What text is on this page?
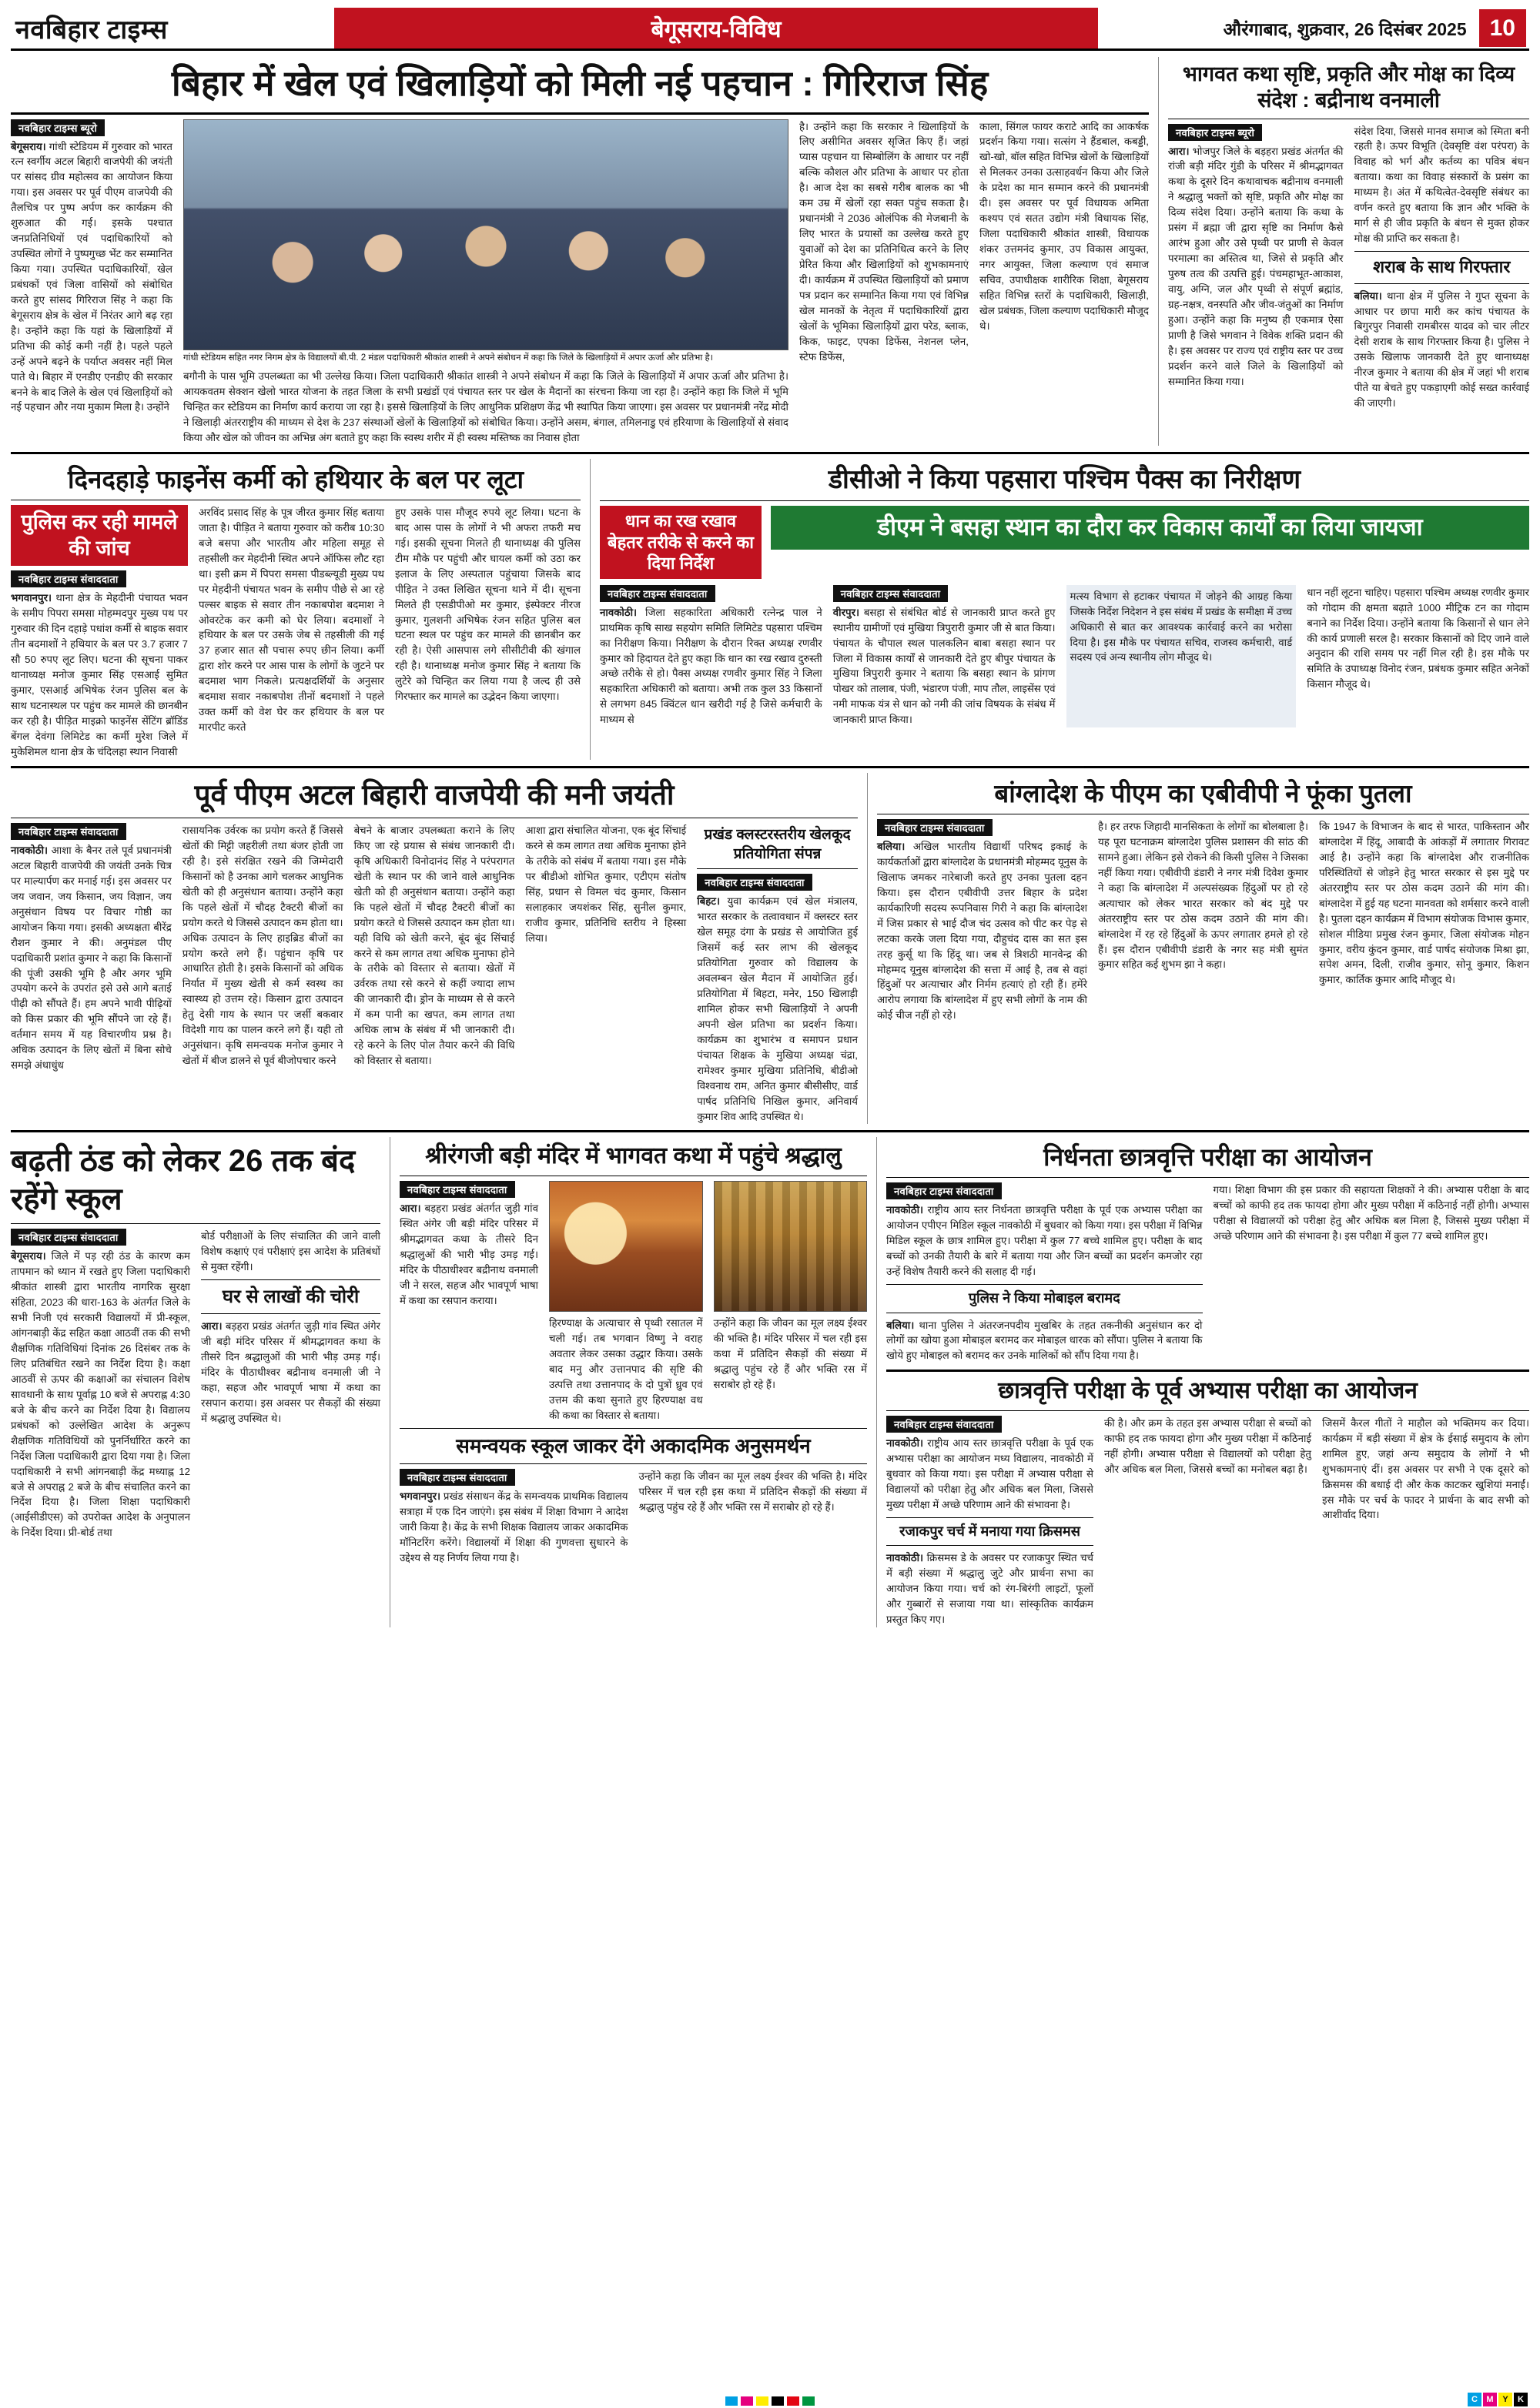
नवबिहार टाइम्स	बेगूसराय-विविध	औरंगाबाद, शुक्रवार, 26 दिसंबर 2025	10
बिहार में खेल एवं खिलाड़ियों को मिली नई पहचान : गिरिराज सिंह
नवबिहार टाइम्स ब्यूरो
बेगूसराय। गांधी स्टेडियम में गुरुवार को भारत रत्न स्वर्गीय अटल बिहारी वाजपेयी की जयंती पर सांसद ग्रीव महोत्सव का आयोजन किया गया। इस अवसर पर पूर्व पीएम वाजपेयी की तैलचित्र पर पुष्प अर्पण कर कार्यक्रम की शुरुआत की गई। इसके पश्चात जनप्रतिनिधियों एवं पदाधिकारियों को उपस्थित लोगों ने पुष्पगुच्छ भेंट कर सम्मानित किया गया। उपस्थित पदाधिकारियों, खेल प्रबंधकों एवं जिला वासियों को संबोधित करते हुए सांसद गिरिराज सिंह ने कहा कि बेगूसराय क्षेत्र के खेल में निरंतर आगे बढ़ रहा है। उन्होंने कहा कि यहां के खिलाड़ियों में प्रतिभा की कोई कमी नहीं है। पहले पहले उन्हें अपने बढ़ने के पर्याप्त अवसर नहीं मिल पाते थे। बिहार में एनडीए एनडीए की सरकार बनने के बाद जिले के खेल एवं खिलाड़ियों को नई पहचान और नया मुकाम मिला है। उन्होंने
गांधी स्टेडियम सहित नगर निगम क्षेत्र के विद्यालयों बी.पी. 2 मंडल पदाधिकारी श्रीकांत शास्त्री ने अपने संबोधन में कहा कि जिले के खिलाड़ियों में अपार ऊर्जा और प्रतिभा है।
बगौनी के पास भूमि उपलब्धता का भी उल्लेख किया। जिला पदाधिकारी श्रीकांत शास्त्री ने अपने संबोधन में कहा कि जिले के खिलाड़ियों में अपार ऊर्जा और प्रतिभा है। आयकवतम सेक्शन खेलो भारत योजना के तहत जिला के सभी प्रखंडों एवं पंचायत स्तर पर खेल के मैदानों का संरचना किया जा रहा है। उन्होंने कहा कि जिले में भूमि चिन्हित कर स्टेडियम का निर्माण कार्य कराया जा रहा है। इससे खिलाड़ियों के लिए आधुनिक प्रशिक्षण केंद्र भी स्थापित किया जाएगा। इस अवसर पर प्रधानमंत्री नरेंद्र मोदी ने खिलाड़ी अंतरराष्ट्रीय की माध्यम से देश के 237 संस्थाओं खेलों के खिलाड़ियों को संबोधित किया। उन्होंने असम, बंगाल, तमिलनाडु एवं हरियाणा के खिलाड़ियों से संवाद किया और खेल को जीवन का अभिन्न अंग बताते हुए कहा कि स्वस्थ शरीर में ही स्वस्थ मस्तिष्क का निवास होता
है। उन्होंने कहा कि सरकार ने खिलाड़ियों के लिए असीमित अवसर सृजित किए हैं। जहां प्यास पहचान या सिम्बोलिंग के आधार पर नहीं बल्कि कौशल और प्रतिभा के आधार पर होता है। आज देश का सबसे गरीब बालक का भी कम उम्र में खेलों रहा सक्त पहुंच सकता है। प्रधानमंत्री ने 2036 ओलंपिक की मेजबानी के लिए भारत के प्रयासों का उल्लेख करते हुए युवाओं को देश का प्रतिनिधित्व करने के लिए प्रेरित किया और खिलाड़ियों को शुभकामनाएं दी। कार्यक्रम में उपस्थित खिलाड़ियों को प्रमाण पत्र प्रदान कर सम्मानित किया गया एवं विभिन्न खेल मानकों के नेतृत्व में पदाधिकारियों द्वारा खेलों के भूमिका खिलाड़ियों द्वारा परेड, ब्लाक, किक, फाइट, एपका डिफेंस, नेशनल प्लेन, स्टेफ डिफेंस,
काला, सिंगल फायर कराटे आदि का आकर्षक प्रदर्शन किया गया। सत्संग ने हैंडबाल, कबड्डी, खो-खो, बॉल सहित विभिन्न खेलों के खिलाड़ियों से मिलकर उनका उत्साहवर्धन किया और जिले के प्रदेश का मान सम्मान करने की प्रधानमंत्री दी। इस अवसर पर पूर्व विधायक अमिता कश्यप एवं सतत उद्योग मंत्री विधायक सिंह, जिला पदाधिकारी श्रीकांत शास्त्री, विधायक शंकर उत्तमनंद कुमार, उप विकास आयुक्त, नगर आयुक्त, जिला कल्याण एवं समाज सचिव, उपाधीक्षक शारीरिक शिक्षा, बेगूसराय सहित विभिन्न स्तरों के पदाधिकारी, खिलाड़ी, खेल प्रबंधक, जिला कल्याण पदाधिकारी मौजूद थे।
भागवत कथा सृष्टि, प्रकृति और मोक्ष का दिव्य संदेश : बद्रीनाथ वनमाली
नवबिहार टाइम्स ब्यूरो
आरा। भोजपुर जिले के बड़हरा प्रखंड अंतर्गत की रांजी बड़ी मंदिर गुंडी के परिसर में श्रीमद्भागवत कथा के दूसरे दिन कथावाचक बद्रीनाथ वनमाली ने श्रद्धालु भक्तों को सृष्टि, प्रकृति और मोक्ष का दिव्य संदेश दिया। उन्होंने बताया कि कथा के प्रसंग में ब्रह्मा जी द्वारा सृष्टि का निर्माण कैसे आरंभ हुआ और उसे पृथ्वी पर प्राणी से केवल परमात्मा का अस्तित्व था, जिसे से प्रकृति और पुरुष तत्व की उत्पत्ति हुई। पंचमहाभूत-आकाश, वायु, अग्नि, जल और पृथ्वी से संपूर्ण ब्रह्मांड, ग्रह-नक्षत्र, वनस्पति और जीव-जंतुओं का निर्माण हुआ। उन्होंने कहा कि मनुष्य ही एकमात्र ऐसा प्राणी है जिसे भगवान ने विवेक शक्ति प्रदान की है। इस अवसर पर राज्य एवं राष्ट्रीय स्तर पर उच्च प्रदर्शन करने वाले जिले के खिलाड़ियों को सम्मानित किया गया।
संदेश दिया, जिससे मानव समाज को स्मिता बनी रहती है। ऊपर विभूति (देवसृष्टि वंश परंपरा) के विवाह को भर्ग और कर्तव्य का पवित्र बंधन बताया। कथा का विवाह संस्कारों के प्रसंग का माध्यम है। अंत में कथित्वेत-देवसृष्टि संबंधर का वर्णन करते हुए बताया कि ज्ञान और भक्ति के मार्ग से ही जीव प्रकृति के बंधन से मुक्त होकर मोक्ष की प्राप्ति कर सकता है।
शराब के साथ गिरफ्तार
बलिया। थाना क्षेत्र में पुलिस ने गुप्त सूचना के आधार पर छापा मारी कर कांच पंचायत के बिगुरपुर निवासी रामबीरस यादव को चार लीटर देसी शराब के साथ गिरफ्तार किया है। पुलिस ने उसके खिलाफ जानकारी देते हुए थानाध्यक्ष नीरज कुमार ने बताया की क्षेत्र में जहां भी शराब पीते या बेचते हुए पकड़ाएगी कोई सख्त कार्रवाई की जाएगी।
दिनदहाड़े फाइनेंस कर्मी को हथियार के बल पर लूटा
पुलिस कर रही मामले की जांच
नवबिहार टाइम्स संवाददाता
भगवानपुर। थाना क्षेत्र के मेहदीनी पंचायत भवन के समीप पिपरा समसा मोहम्मदपुर मुख्य पथ पर गुरुवार की दिन दहाड़े पधांश कर्मी से बाइक सवार तीन बदमाशों ने हथियार के बल पर 3.7 हजार 7 सौ 50 रुपए लूट लिए। घटना की सूचना पाकर थानाध्यक्ष मनोज कुमार सिंह एसआई सुमित कुमार, एसआई अभिषेक रंजन पुलिस बल के साथ घटनास्थल पर पहुंच कर मामले की छानबीन कर रही है। पीड़ित माइक्रो फाइनेंस सेंटिंग ब्रॉडिंड बेंगल देवंगा लिमिटेड का कर्मी मुरेश जिले में मुकेशिमल थाना क्षेत्र के चंदिलहा स्थान निवासी
अरविंद प्रसाद सिंह के पूत्र जीरत कुमार सिंह बताया जाता है। पीड़ित ने बताया गुरुवार को करीब 10:30 बजे बसपा और भारतीय और महिला समूह से तहसीली कर मेहदीनी स्थित अपने ऑफिस लौट रहा था। इसी क्रम में पिपरा समसा पीडब्ल्यूडी मुख्य पथ पर मेहदीनी पंचायत भवन के समीप पीछे से आ रहे पल्सर बाइक से सवार तीन नकाबपोश बदमाश ने ओवरटेक कर कमी को घेर लिया। बदमाशों ने हथियार के बल पर उसके जेब से तहसीली की गई 37 हजार सात सौ पचास रुपए छीन लिया। कर्मी द्वारा शोर करने पर आस पास के लोगों के जुटने पर बदमाश भाग निकले। प्रत्यक्षदर्शियों के अनुसार बदमाश सवार नकाबपोश तीनों बदमाशों ने पहले उक्त कर्मी को वेश घेर कर हथियार के बल पर मारपीट करते
हुए उसके पास मौजूद रुपये लूट लिया। घटना के बाद आस पास के लोगों ने भी अफरा तफरी मच गई। इसकी सूचना मिलते ही थानाध्यक्ष की पुलिस टीम मौके पर पहुंची और घायल कर्मी को उठा कर इलाज के लिए अस्पताल पहुंचाया जिसके बाद पीड़ित ने उक्त लिखित सूचना थाने में दी। सूचना मिलते ही एसडीपीओ मर कुमार, इंस्पेक्टर नीरज कुमार, गुलशनी अभिषेक रंजन सहित पुलिस बल घटना स्थल पर पहुंच कर मामले की छानबीन कर रही है। ऐसी आसपास लगे सीसीटीवी की खंगाल रही है। थानाध्यक्ष मनोज कुमार सिंह ने बताया कि लुटेरे को चिन्हित कर लिया गया है जल्द ही उसे गिरफ्तार कर मामले का उद्भेदन किया जाएगा।
डीसीओ ने किया पहसारा पश्चिम पैक्स का निरीक्षण
धान का रख रखाव बेहतर तरीके से करने का दिया निर्देश
डीएम ने बसहा स्थान का दौरा कर विकास कार्यों का लिया जायजा
नवबिहार टाइम्स संवाददाता
नावकोठी। जिला सहकारिता अधिकारी रत्नेन्द्र पाल ने प्राथमिक कृषि साख सहयोग समिति लिमिटेड पहसारा पश्चिम का निरीक्षण किया। निरीक्षण के दौरान रिक्त अध्यक्ष रणवीर कुमार को हिदायत देते हुए कहा कि धान का रख रखाव दुरुस्ती अच्छे तरीके से हो। पैक्स अध्यक्ष रणवीर कुमार सिंह ने जिला सहकारिता अधिकारी को बताया। अभी तक कुल 33 किसानों से लगभग 845 क्विंटल धान खरीदी गई है जिसे कर्मचारी के माध्यम से
नवबिहार टाइम्स संवाददाता
वीरपुर। बसहा से संबंधित बोर्ड से जानकारी प्राप्त करते हुए स्थानीय ग्रामीणों एवं मुखिया त्रिपुरारी कुमार जी से बात किया। पंचायत के चौपाल स्थल पालकलिन बाबा बसहा स्थान पर जिला में विकास कार्यों से जानकारी देते हुए बीपुर पंचायत के मुखिया त्रिपुरारी कुमार ने बताया कि बसहा स्थान के प्रांगण पोखर को तालाब, पंजी, भंडारण पंजी, माप तौल, लाइसेंस एवं नमी माफक यंत्र से धान को नमी की जांच विषयक के संबंध में जानकारी प्राप्त किया।
मत्स्य विभाग से हटाकर पंचायत में जोड़ने की आग्रह किया जिसके निर्देश निदेशन ने इस संबंध में प्रखंड के समीक्षा में उच्च अधिकारी से बात कर आवश्यक कार्रवाई करने का भरोसा दिया है। इस मौके पर पंचायत सचिव, राजस्व कर्मचारी, वार्ड सदस्य एवं अन्य स्थानीय लोग मौजूद थे।
धान नहीं लूटना चाहिए। पहसारा पश्चिम अध्यक्ष रणवीर कुमार को गोदाम की क्षमता बढ़ाते 1000 मीट्रिक टन का गोदाम बनाने का निर्देश दिया। उन्होंने बताया कि किसानों से धान लेने की कार्य प्रणाली सरल है। सरकार किसानों को दिए जाने वाले अनुदान की राशि समय पर नहीं मिल रही है। इस मौके पर समिति के उपाध्यक्ष विनोद रंजन, प्रबंधक कुमार सहित अनेकों किसान मौजूद थे।
पूर्व पीएम अटल बिहारी वाजपेयी की मनी जयंती
नवबिहार टाइम्स संवाददाता
नावकोठी। आशा के बैनर तले पूर्व प्रधानमंत्री अटल बिहारी वाजपेयी की जयंती उनके चित्र पर माल्यार्पण कर मनाई गई। इस अवसर पर जय जवान, जय किसान, जय विज्ञान, जय अनुसंधान विषय पर विचार गोष्ठी का आयोजन किया गया। इसकी अध्यक्षता बीरेंद्र रौशन कुमार ने की। अनुमंडल पीए पदाधिकारी प्रशांत कुमार ने कहा कि किसानों की पूंजी उसकी भूमि है और अगर भूमि उपयोग करने के उपरांत इसे उसे आगे बताई पीढ़ी को सौंपते हैं। हम अपने भावी पीढ़ियों को किस प्रकार की भूमि सौंपने जा रहे हैं। वर्तमान समय में यह विचारणीय प्रश्न है। अधिक उत्पादन के लिए खेतों में बिना सोचे समझे अंधाधुंध
रासायनिक उर्वरक का प्रयोग करते हैं जिससे खेतों की मिट्टी जहरीली तथा बंजर होती जा रही है। इसे संरक्षित रखने की जिम्मेदारी किसानों को है उनका आगे चलकर आधुनिक खेती को ही अनुसंधान बताया। उन्होंने कहा कि पहले खेतों में चौदह टैक्टरी बीजों का प्रयोग करते थे जिससे उत्पादन कम होता था। अधिक उत्पादन के लिए हाइब्रिड बीजों का प्रयोग करते लगे हैं। पहुंचान कृषि पर आधारित होती है। इसके किसानों को अधिक निर्यात में मुख्य खेती से कर्म स्वस्थ का स्वास्थ्य हो उत्तम रहे। किसान द्वारा उत्पादन हेतु देसी गाय के स्थान पर जर्सी बकवार विदेशी गाय का पालन करने लगे हैं। यही तो अनुसंधान। कृषि समन्वयक मनोज कुमार ने खेतों में बीज डालने से पूर्व बीजोपचार करने
बेचने के बाजार उपलब्धता कराने के लिए किए जा रहे प्रयास से संबंध जानकारी दी। कृषि अधिकारी विनोदानंद सिंह ने परंपरागत खेती के स्थान पर की जाने वाले आधुनिक खेती को ही अनुसंधान बताया। उन्होंने कहा कि पहले खेतों में चौदह टैक्टरी बीजों का प्रयोग करते थे जिससे उत्पादन कम होता था। यही विधि को खेती करने, बूंद बूंद सिंचाई करने से कम लागत तथा अधिक मुनाफा होने के तरीके को विस्तार से बताया। खेतों में उर्वरक तथा रसे करने से कहीं ज्यादा लाभ की जानकारी दी। ड्रोन के माध्यम से से करने में कम पानी का खपत, कम लागत तथा अधिक लाभ के संबंध में भी जानकारी दी। रहे करने के लिए पोल तैयार करने की विधि को विस्तार से बताया।
आशा द्वारा संचालित योजना, एक बूंद सिंचाई करने से कम लागत तथा अधिक मुनाफा होने के तरीके को संबंध में बताया गया। इस मौके पर बीडीओ शोभित कुमार, एटीएम संतोष सिंह, प्रधान से विमल चंद कुमार, किसान सलाहकार जयशंकर सिंह, सुनील कुमार, राजीव कुमार, प्रतिनिधि स्तरीय ने हिस्सा लिया।
प्रखंड क्लस्टरस्तरीय खेलकूद प्रतियोगिता संपन्न
नवबिहार टाइम्स संवाददाता
बिहट। युवा कार्यक्रम एवं खेल मंत्रालय, भारत सरकार के तत्वावधान में क्लस्टर स्तर खेल समूह दंगा के प्रखंड से आयोजित हुई जिसमें कई स्तर लाभ की खेलकूद प्रतियोगिता गुरुवार को विद्यालय के अवलम्बन खेल मैदान में आयोजित हुई। प्रतियोगिता में बिहटा, मनेर, 150 खिलाड़ी शामिल होकर सभी खिलाड़ियों ने अपनी अपनी खेल प्रतिभा का प्रदर्शन किया। कार्यक्रम का शुभारंभ व समापन प्रधान पंचायत शिक्षक के मुखिया अध्यक्ष चंद्रा, रामेश्वर कुमार मुखिया प्रतिनिधि, बीडीओ विश्वनाथ राम, अनित कुमार बीसीसीए, वार्ड पार्षद प्रतिनिधि निखिल कुमार, अनिवार्य कुमार शिव आदि उपस्थित थे।
बांग्लादेश के पीएम का एबीवीपी ने फूंका पुतला
नवबिहार टाइम्स संवाददाता
बलिया। अखिल भारतीय विद्यार्थी परिषद इकाई के कार्यकर्ताओं द्वारा बांग्लादेश के प्रधानमंत्री मोहम्मद यूनुस के खिलाफ जमकर नारेबाजी करते हुए उनका पुतला दहन किया। इस दौरान एबीवीपी उत्तर बिहार के प्रदेश कार्यकारिणी सदस्य रूपनिवास गिरी ने कहा कि बांग्लादेश में जिस प्रकार से भाई दौज चंद उत्सव को पीट कर पेड़ से लटका करके जला दिया गया, दौहुचंद दास का सत इस तरह कुर्सू था कि हिंदू था। जब से त्रिशठी मानवेन्द्र की मोहम्मद यूनुस बांग्लादेश की सत्ता में आई है, तब से वहां हिंदुओं पर अत्याचार और निर्मम हत्याएं हो रही हैं। हमेंरे आरोप लगाया कि बांग्लादेश में हुए सभी लोगों के नाम की कोई चीज नहीं हो रहे।
है। हर तरफ जिहादी मानसिकता के लोगों का बोलबाला है। यह पूरा घटनाक्रम बांग्लादेश पुलिस प्रशासन की सांठ की सामने हुआ। लेकिन इसे रोकने की किसी पुलिस ने जिसका नहीं किया गया। एबीवीपी डंडारी ने नगर मंत्री दिवेश कुमार ने कहा कि बांग्लादेश में अल्पसंख्यक हिंदुओं पर हो रहे अत्याचार को लेकर भारत सरकार को बंद मुद्दे पर अंतरराष्ट्रीय स्तर पर ठोस कदम उठाने की मांग की। बांग्लादेश में रह रहे हिंदुओं के ऊपर लगातार हमले हो रहे हैं। इस दौरान एबीवीपी डंडारी के नगर सह मंत्री सुमंत कुमार सहित कई शुभम झा ने कहा।
कि 1947 के विभाजन के बाद से भारत, पाकिस्तान और बांग्लादेश में हिंदू, आबादी के आंकड़ों में लगातार गिरावट आई है। उन्होंने कहा कि बांग्लादेश और राजनीतिक परिस्थितियों से जोड़ने हेतु भारत सरकार से इस मुद्दे पर अंतरराष्ट्रीय स्तर पर ठोस कदम उठाने की मांग की। बांग्लादेश में हुई यह घटना मानवता को शर्मसार करने वाली है। पुतला दहन कार्यक्रम में विभाग संयोजक विभास कुमार, सोशल मीडिया प्रमुख रंजन कुमार, जिला संयोजक मोहन कुमार, वरीय कुंदन कुमार, वार्ड पार्षद संयोजक मिश्रा झा, सपेश अमन, दिली, राजीव कुमार, सोनू कुमार, किशन कुमार, कार्तिक कुमार आदि मौजूद थे।
बढ़ती ठंड को लेकर 26 तक बंद रहेंगे स्कूल
नवबिहार टाइम्स संवाददाता
बेगूसराय। जिले में पड़ रही ठंड के कारण कम तापमान को ध्यान में रखते हुए जिला पदाधिकारी श्रीकांत शास्त्री द्वारा भारतीय नागरिक सुरक्षा संहिता, 2023 की धारा-163 के अंतर्गत जिले के सभी निजी एवं सरकारी विद्यालयों में प्री-स्कूल, आंगनबाड़ी केंद्र सहित कक्षा आठवीं तक की सभी शैक्षणिक गतिविधियां दिनांक 26 दिसंबर तक के लिए प्रतिबंधित रखने का निर्देश दिया है। कक्षा आठवीं से ऊपर की कक्षाओं का संचालन विशेष सावधानी के साथ पूर्वाह्न 10 बजे से अपराह्न 4:30 बजे के बीच करने का निर्देश दिया है। विद्यालय प्रबंधकों को उल्लेखित आदेश के अनुरूप शैक्षणिक गतिविधियों को पुनर्निर्धारित करने का निर्देश जिला पदाधिकारी द्वारा दिया गया है। जिला पदाधिकारी ने सभी आंगनबाड़ी केंद्र मध्याह्न 12 बजे से अपराह्न 2 बजे के बीच संचालित करने का निर्देश दिया है। जिला शिक्षा पदाधिकारी (आईसीडीएस) को उपरोक्त आदेश के अनुपालन के निर्देश दिया। प्री-बोर्ड तथा
बोर्ड परीक्षाओं के लिए संचालित की जाने वाली विशेष कक्षाएं एवं परीक्षाएं इस आदेश के प्रतिबंधों से मुक्त रहेंगी।
घर से लाखों की चोरी
आरा। बड़हरा प्रखंड अंतर्गत जुड़ी गांव स्थित अंगेर जी बड़ी मंदिर परिसर में श्रीमद्भागवत कथा के तीसरे दिन श्रद्धालुओं की भारी भीड़ उमड़ गई। मंदिर के पीठाधीश्वर बद्रीनाथ वनमाली जी ने कहा, सहज और भावपूर्ण भाषा में कथा का रसपान कराया। इस अवसर पर सैकड़ों की संख्या में श्रद्धालु उपस्थित थे।
श्रीरंगजी बड़ी मंदिर में भागवत कथा में पहुंचे श्रद्धालु
नवबिहार टाइम्स संवाददाता
आरा। बड़हरा प्रखंड अंतर्गत जुड़ी गांव स्थित अंगेर जी बड़ी मंदिर परिसर में श्रीमद्भागवत कथा के तीसरे दिन श्रद्धालुओं की भारी भीड़ उमड़ गई। मंदिर के पीठाधीश्वर बद्रीनाथ वनमाली जी ने सरल, सहज और भावपूर्ण भाषा में कथा का रसपान कराया।
हिरण्याक्ष के अत्याचार से पृथ्वी रसातल में चली गई। तब भगवान विष्णु ने वराह अवतार लेकर उसका उद्धार किया। उसके बाद मनु और उत्तानपाद की सृष्टि की उत्पत्ति तथा उत्तानपाद के दो पुत्रों ध्रुव एवं उत्तम की कथा सुनाते हुए हिरण्याक्ष वध की कथा का विस्तार से बताया।
उन्होंने कहा कि जीवन का मूल लक्ष्य ईश्वर की भक्ति है। मंदिर परिसर में चल रही इस कथा में प्रतिदिन सैकड़ों की संख्या में श्रद्धालु पहुंच रहे हैं और भक्ति रस में सराबोर हो रहे हैं।
समन्वयक स्कूल जाकर देंगे अकादमिक अनुसमर्थन
नवबिहार टाइम्स संवाददाता
भगवानपुर। प्रखंड संसाधन केंद्र के समन्वयक प्राथमिक विद्यालय सत्राहा में एक दिन जाएंगे। इस संबंध में शिक्षा विभाग ने आदेश जारी किया है। केंद्र के सभी शिक्षक विद्यालय जाकर अकादमिक मॉनिटरिंग करेंगे। विद्यालयों में शिक्षा की गुणवत्ता सुधारने के उद्देश्य से यह निर्णय लिया गया है।
उन्होंने कहा कि जीवन का मूल लक्ष्य ईश्वर की भक्ति है। मंदिर परिसर में चल रही इस कथा में प्रतिदिन सैकड़ों की संख्या में श्रद्धालु पहुंच रहे हैं और भक्ति रस में सराबोर हो रहे हैं।
निर्धनता छात्रवृत्ति परीक्षा का आयोजन
नवबिहार टाइम्स संवाददाता
नावकोठी। राष्ट्रीय आय स्तर निर्धनता छात्रवृत्ति परीक्षा के पूर्व एक अभ्यास परीक्षा का आयोजन एपीएन मिडिल स्कूल नावकोठी में बुधवार को किया गया। इस परीक्षा में विभिन्न मिडिल स्कूल के छात्र शामिल हुए। परीक्षा में कुल 77 बच्चे शामिल हुए। परीक्षा के बाद बच्चों को उनकी तैयारी के बारे में बताया गया और जिन बच्चों का प्रदर्शन कमजोर रहा उन्हें विशेष तैयारी करने की सलाह दी गई।
पुलिस ने किया मोबाइल बरामद
बलिया। थाना पुलिस ने अंतरजनपदीय मुखबिर के तहत तकनीकी अनुसंधान कर दो लोगों का खोया हुआ मोबाइल बरामद कर मोबाइल धारक को सौंपा। पुलिस ने बताया कि खोये हुए मोबाइल को बरामद कर उनके मालिकों को सौंप दिया गया है।
गया। शिक्षा विभाग की इस प्रकार की सहायता शिक्षकों ने की। अभ्यास परीक्षा के बाद बच्चों को काफी हद तक फायदा होगा और मुख्य परीक्षा में कठिनाई नहीं होगी। अभ्यास परीक्षा से विद्यालयों को परीक्षा हेतु और अधिक बल मिला है, जिससे मुख्य परीक्षा में अच्छे परिणाम आने की संभावना है। इस परीक्षा में कुल 77 बच्चे शामिल हुए।
छात्रवृत्ति परीक्षा के पूर्व अभ्यास परीक्षा का आयोजन
नवबिहार टाइम्स संवाददाता
नावकोठी। राष्ट्रीय आय स्तर छात्रवृत्ति परीक्षा के पूर्व एक अभ्यास परीक्षा का आयोजन मध्य विद्यालय, नावकोठी में बुधवार को किया गया। इस परीक्षा में अभ्यास परीक्षा से विद्यालयों को परीक्षा हेतु और अधिक बल मिला, जिससे मुख्य परीक्षा में अच्छे परिणाम आने की संभावना है।
रजाकपुर चर्च में मनाया गया क्रिसमस
नावकोठी। क्रिसमस डे के अवसर पर रजाकपुर स्थित चर्च में बड़ी संख्या में श्रद्धालु जुटे और प्रार्थना सभा का आयोजन किया गया। चर्च को रंग-बिरंगी लाइटों, फूलों और गुब्बारों से सजाया गया था। सांस्कृतिक कार्यक्रम प्रस्तुत किए गए।
की है। और क्रम के तहत इस अभ्यास परीक्षा से बच्चों को काफी हद तक फायदा होगा और मुख्य परीक्षा में कठिनाई नहीं होगी। अभ्यास परीक्षा से विद्यालयों को परीक्षा हेतु और अधिक बल मिला, जिससे बच्चों का मनोबल बढ़ा है।
जिसमें कैरल गीतों ने माहौल को भक्तिमय कर दिया। कार्यक्रम में बड़ी संख्या में क्षेत्र के ईसाई समुदाय के लोग शामिल हुए, जहां अन्य समुदाय के लोगों ने भी शुभकामनाएं दीं। इस अवसर पर सभी ने एक दूसरे को क्रिसमस की बधाई दी और केक काटकर खुशियां मनाईं। इस मौके पर चर्च के फादर ने प्रार्थना के बाद सभी को आशीर्वाद दिया।
C	M	Y	K
